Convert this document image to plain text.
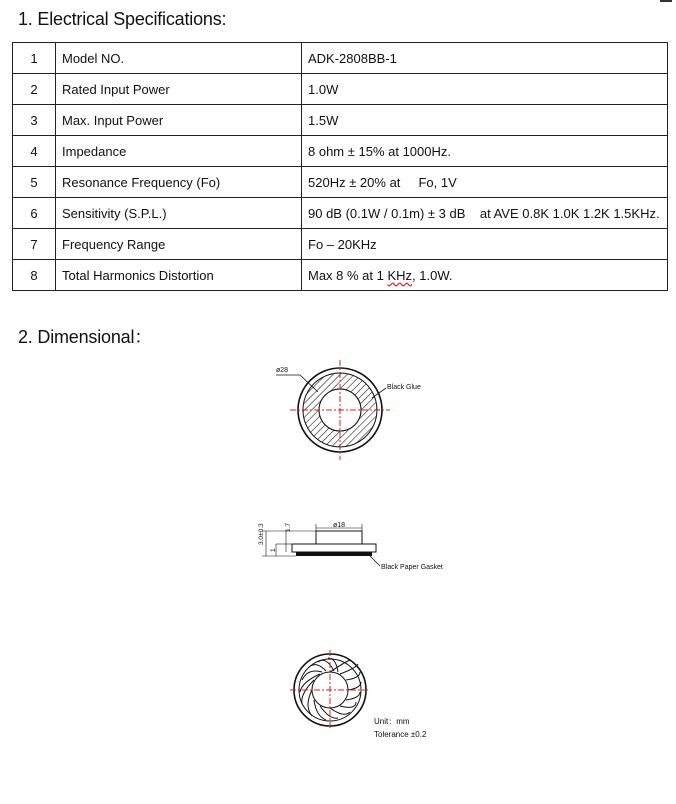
1. Electrical Specifications:
1	Model NO.	ADK-2808BB-1
2	Rated Input Power	1.0W
3	Max. Input Power	1.5W
4	Impedance	8 ohm ± 15% at 1000Hz.
5	Resonance Frequency (Fo)	520Hz ± 20% at     Fo, 1V
6	Sensitivity (S.P.L.)	90 dB (0.1W / 0.1m) ± 3 dB    at AVE 0.8K 1.0K 1.2K 1.5KHz.
7	Frequency Range	Fo – 20KHz
8	Total Harmonics Distortion	Max 8 % at 1 KHz, 1.0W.
2. Dimensional：
ø28
Black Glue
ø18
3.0±0.3	1.7
1
Black Paper Gasket
Unit：mm
Tolerance ±0.2
